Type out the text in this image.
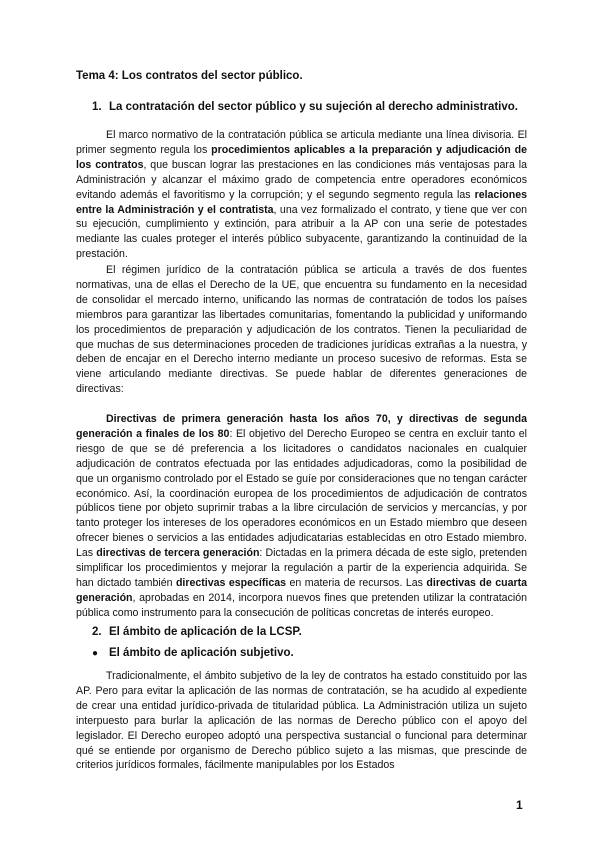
Tema 4: Los contratos del sector público.
1. La contratación del sector público y su sujeción al derecho administrativo.

El marco normativo de la contratación pública se articula mediante una línea divisoria. El primer segmento regula los procedimientos aplicables a la preparación y adjudicación de los contratos, que buscan lograr las prestaciones en las condiciones más ventajosas para la Administración y alcanzar el máximo grado de competencia entre operadores económicos evitando además el favoritismo y la corrupción; y el segundo segmento regula las relaciones entre la Administración y el contratista, una vez formalizado el contrato, y tiene que ver con su ejecución, cumplimiento y extinción, para atribuir a la AP con una serie de potestades mediante las cuales proteger el interés público subyacente, garantizando la continuidad de la prestación.

El régimen jurídico de la contratación pública se articula a través de dos fuentes normativas, una de ellas el Derecho de la UE, que encuentra su fundamento en la necesidad de consolidar el mercado interno, unificando las normas de contratación de todos los países miembros para garantizar las libertades comunitarias, fomentando la publicidad y uniformando los procedimientos de preparación y adjudicación de los contratos. Tienen la peculiaridad de que muchas de sus determinaciones proceden de tradiciones jurídicas extrañas a la nuestra, y deben de encajar en el Derecho interno mediante un proceso sucesivo de reformas. Esta se viene articulando mediante directivas. Se puede hablar de diferentes generaciones de directivas:

Directivas de primera generación hasta los años 70, y directivas de segunda generación a finales de los 80: El objetivo del Derecho Europeo se centra en excluir tanto el riesgo de que se dé preferencia a los licitadores o candidatos nacionales en cualquier adjudicación de contratos efectuada por las entidades adjudicadoras, como la posibilidad de que un organismo controlado por el Estado se guíe por consideraciones que no tengan carácter económico. Así, la coordinación europea de los procedimientos de adjudicación de contratos públicos tiene por objeto suprimir trabas a la libre circulación de servicios y mercancías, y por tanto proteger los intereses de los operadores económicos en un Estado miembro que deseen ofrecer bienes o servicios a las entidades adjudicatarias establecidas en otro Estado miembro. Las directivas de tercera generación: Dictadas en la primera década de este siglo, pretenden simplificar los procedimientos y mejorar la regulación a partir de la experiencia adquirida. Se han dictado también directivas específicas en materia de recursos. Las directivas de cuarta generación, aprobadas en 2014, incorpora nuevos fines que pretenden utilizar la contratación pública como instrumento para la consecución de políticas concretas de interés europeo.

2. El ámbito de aplicación de la LCSP.
● El ámbito de aplicación subjetivo.

Tradicionalmente, el ámbito subjetivo de la ley de contratos ha estado constituido por las AP. Pero para evitar la aplicación de las normas de contratación, se ha acudido al expediente de crear una entidad jurídico-privada de titularidad pública. La Administración utiliza un sujeto interpuesto para burlar la aplicación de las normas de Derecho público con el apoyo del legislador. El Derecho europeo adoptó una perspectiva sustancial o funcional para determinar qué se entiende por organismo de Derecho público sujeto a las mismas, que prescinde de criterios jurídicos formales, fácilmente manipulables por los Estados

1
